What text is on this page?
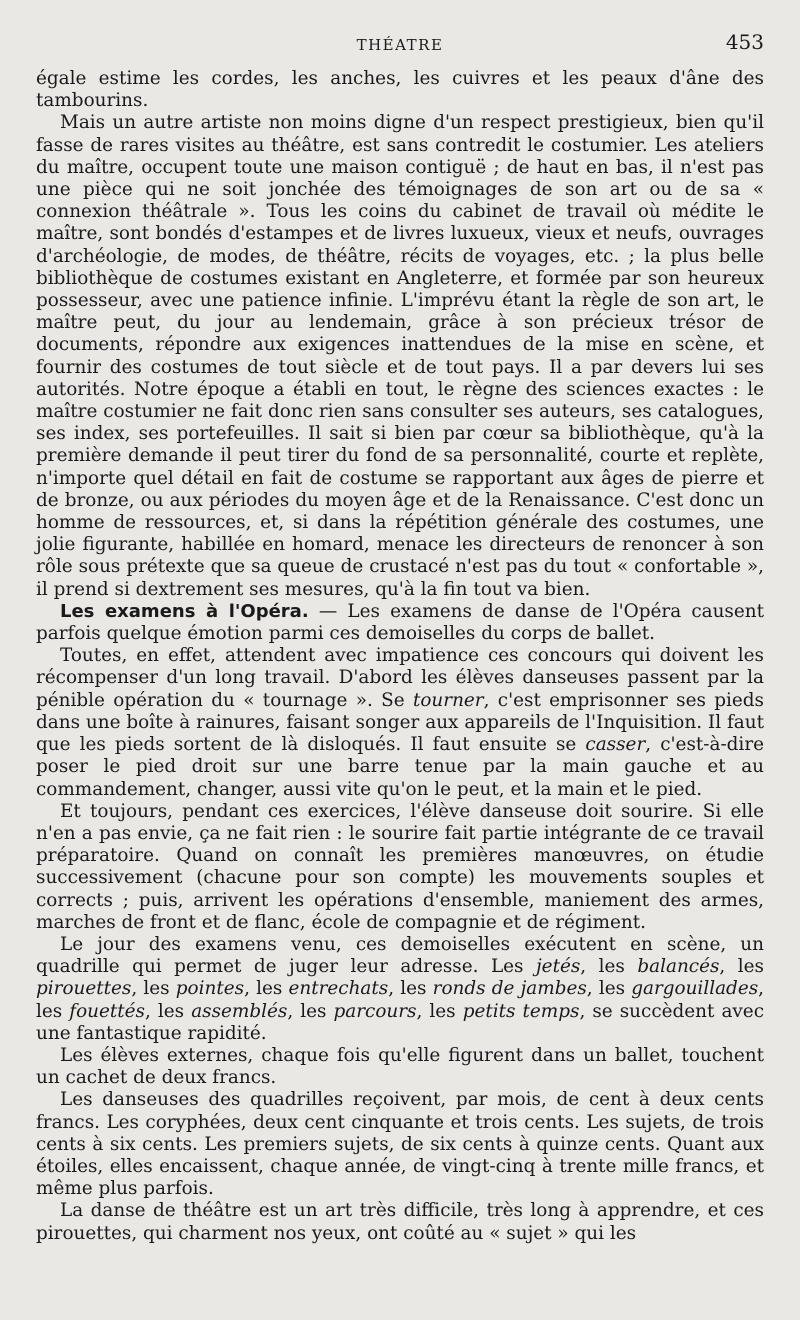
THÉATRE	453

égale estime les cordes, les anches, les cuivres et les peaux d'âne des tambourins.

Mais un autre artiste non moins digne d'un respect prestigieux, bien qu'il fasse de rares visites au théâtre, est sans contredit le costumier. Les ateliers du maître, occupent toute une maison contiguë ; de haut en bas, il n'est pas une pièce qui ne soit jonchée des témoignages de son art ou de sa « connexion théâtrale ». Tous les coins du cabinet de travail où médite le maître, sont bondés d'estampes et de livres luxueux, vieux et neufs, ouvrages d'archéologie, de modes, de théâtre, récits de voyages, etc. ; la plus belle bibliothèque de costumes existant en Angleterre, et formée par son heureux possesseur, avec une patience infinie. L'imprévu étant la règle de son art, le maître peut, du jour au lendemain, grâce à son précieux trésor de documents, répondre aux exigences inattendues de la mise en scène, et fournir des costumes de tout siècle et de tout pays. Il a par devers lui ses autorités. Notre époque a établi en tout, le règne des sciences exactes : le maître costumier ne fait donc rien sans consulter ses auteurs, ses catalogues, ses index, ses portefeuilles. Il sait si bien par cœur sa bibliothèque, qu'à la première demande il peut tirer du fond de sa personnalité, courte et replète, n'importe quel détail en fait de costume se rapportant aux âges de pierre et de bronze, ou aux périodes du moyen âge et de la Renaissance. C'est donc un homme de ressources, et, si dans la répétition générale des costumes, une jolie figurante, habillée en homard, menace les directeurs de renoncer à son rôle sous prétexte que sa queue de crustacé n'est pas du tout « confortable », il prend si dextrement ses mesures, qu'à la fin tout va bien.

Les examens à l'Opéra. — Les examens de danse de l'Opéra causent parfois quelque émotion parmi ces demoiselles du corps de ballet.

Toutes, en effet, attendent avec impatience ces concours qui doivent les récompenser d'un long travail. D'abord les élèves danseuses passent par la pénible opération du « tournage ». Se tourner, c'est emprisonner ses pieds dans une boîte à rainures, faisant songer aux appareils de l'Inquisition. Il faut que les pieds sortent de là disloqués. Il faut ensuite se casser, c'est-à-dire poser le pied droit sur une barre tenue par la main gauche et au commandement, changer, aussi vite qu'on le peut, et la main et le pied.

Et toujours, pendant ces exercices, l'élève danseuse doit sourire. Si elle n'en a pas envie, ça ne fait rien : le sourire fait partie intégrante de ce travail préparatoire. Quand on connaît les premières manœuvres, on étudie successivement (chacune pour son compte) les mouvements souples et corrects ; puis, arrivent les opérations d'ensemble, maniement des armes, marches de front et de flanc, école de compagnie et de régiment.

Le jour des examens venu, ces demoiselles exécutent en scène, un quadrille qui permet de juger leur adresse. Les jetés, les balancés, les pirouettes, les pointes, les entrechats, les ronds de jambes, les gargouillades, les fouettés, les assemblés, les parcours, les petits temps, se succèdent avec une fantastique rapidité.

Les élèves externes, chaque fois qu'elle figurent dans un ballet, touchent un cachet de deux francs.

Les danseuses des quadrilles reçoivent, par mois, de cent à deux cents francs. Les coryphées, deux cent cinquante et trois cents. Les sujets, de trois cents à six cents. Les premiers sujets, de six cents à quinze cents. Quant aux étoiles, elles encaissent, chaque année, de vingt-cinq à trente mille francs, et même plus parfois.

La danse de théâtre est un art très difficile, très long à apprendre, et ces pirouettes, qui charment nos yeux, ont coûté au « sujet » qui les
